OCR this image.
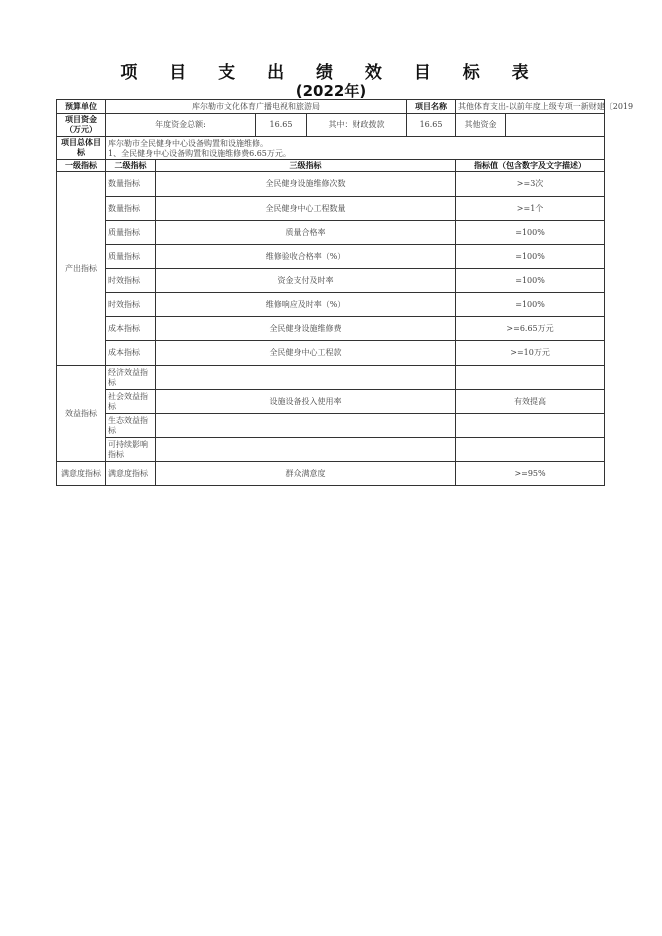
项 目 支 出 绩 效 目 标 表
(2022年)
预算单位	库尔勒市文化体育广播电视和旅游局				项目名称	其他体育支出-以前年度上级专项一新财建〔2019	
项目资金（万元）	年度资金总额:		16.65	其中：财政拨款	16.65	其他资金	
项目总体目标	库尔勒市全民健身中心设备购置和设施维修。
1、全民健身中心设备购置和设施维修费6.65万元。						

一级指标	二级指标	三级指标				指标值（包含数字及文字描述）	
产出指标	数量指标	全民健身设施维修次数				>=3次	
	数量指标	全民健身中心工程数量				>=1个	
	质量指标	质量合格率				=100%	
	质量指标	维修验收合格率（%）				=100%	
	时效指标	资金支付及时率				=100%	
	时效指标	维修响应及时率（%）				=100%	
	成本指标	全民健身设施维修费				>=6.65万元	
	成本指标	全民健身中心工程款				>=10万元	
效益指标	经济效益指标						
	社会效益指标	设施设备投入使用率				有效提高	
	生态效益指标						
	可持续影响指标						
满意度指标	满意度指标	群众满意度				>=95%	
